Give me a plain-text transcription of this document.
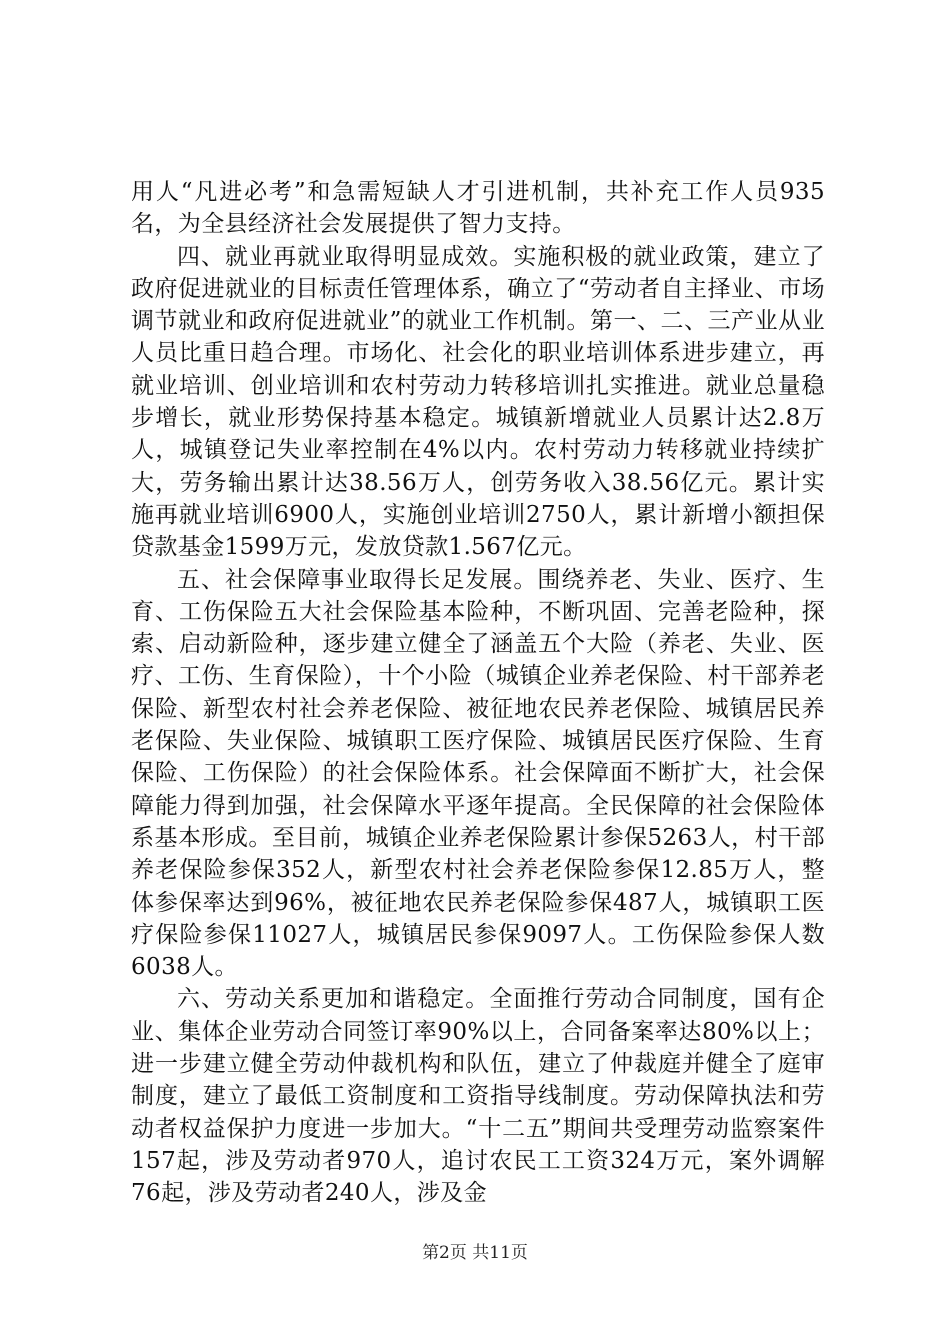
用人“凡进必考”和急需短缺人才引进机制，共补充工作人员935名，为全县经济社会发展提供了智力支持。

四、就业再就业取得明显成效。实施积极的就业政策，建立了政府促进就业的目标责任管理体系，确立了“劳动者自主择业、市场调节就业和政府促进就业”的就业工作机制。第一、二、三产业从业人员比重日趋合理。市场化、社会化的职业培训体系进步建立，再就业培训、创业培训和农村劳动力转移培训扎实推进。就业总量稳步增长，就业形势保持基本稳定。城镇新增就业人员累计达2.8万人，城镇登记失业率控制在4%以内。农村劳动力转移就业持续扩大，劳务输出累计达38.56万人，创劳务收入38.56亿元。累计实施再就业培训6900人，实施创业培训2750人，累计新增小额担保贷款基金1599万元，发放贷款1.567亿元。

五、社会保障事业取得长足发展。围绕养老、失业、医疗、生育、工伤保险五大社会保险基本险种，不断巩固、完善老险种，探索、启动新险种，逐步建立健全了涵盖五个大险（养老、失业、医疗、工伤、生育保险），十个小险（城镇企业养老保险、村干部养老保险、新型农村社会养老保险、被征地农民养老保险、城镇居民养老保险、失业保险、城镇职工医疗保险、城镇居民医疗保险、生育保险、工伤保险）的社会保险体系。社会保障面不断扩大，社会保障能力得到加强，社会保障水平逐年提高。全民保障的社会保险体系基本形成。至目前，城镇企业养老保险累计参保5263人，村干部养老保险参保352人，新型农村社会养老保险参保12.85万人，整体参保率达到96%，被征地农民养老保险参保487人，城镇职工医疗保险参保11027人，城镇居民参保9097人。工伤保险参保人数6038人。

六、劳动关系更加和谐稳定。全面推行劳动合同制度，国有企业、集体企业劳动合同签订率90%以上，合同备案率达80%以上；进一步建立健全劳动仲裁机构和队伍，建立了仲裁庭并健全了庭审制度，建立了最低工资制度和工资指导线制度。劳动保障执法和劳动者权益保护力度进一步加大。“十二五”期间共受理劳动监察案件157起，涉及劳动者970人，追讨农民工工资324万元，案外调解76起，涉及劳动者240人，涉及金

第2页 共11页
